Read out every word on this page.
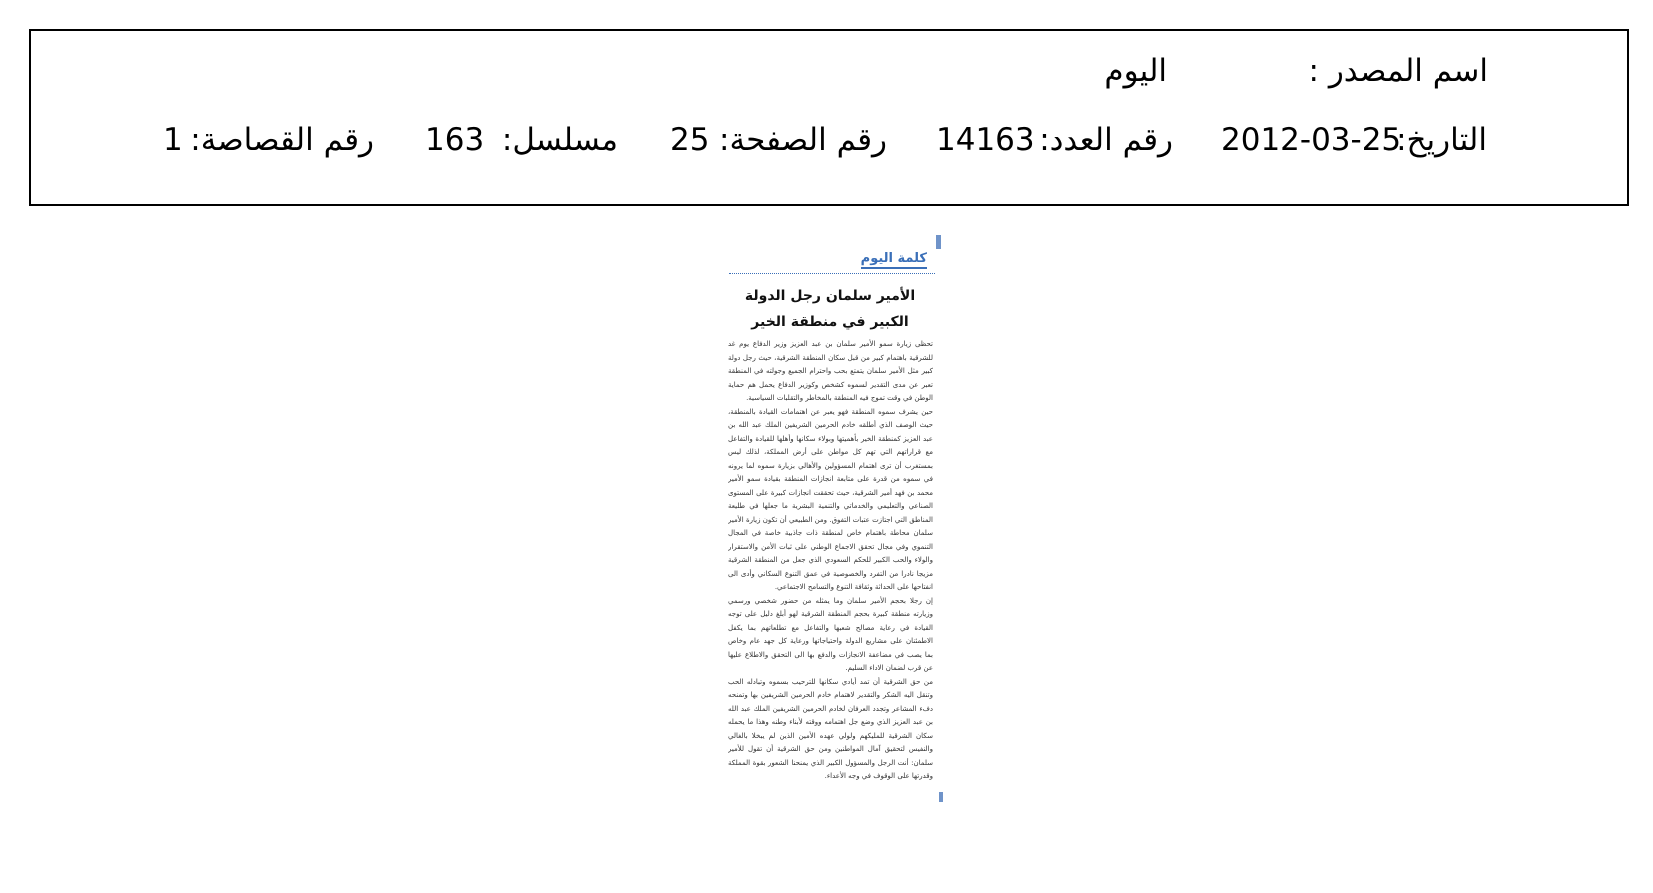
اسم المصدر :
اليوم
التاريخ:
2012-03-25
رقم العدد:
14163
رقم الصفحة:
25
مسلسل:
163
رقم القصاصة:
1
كلمة اليوم
الأمير سلمان رجل الدولة
الكبير في منطقة الخير

تحظى زيارة سمو الأمير سلمان بن عبد العزيز وزير الدفاع يوم غد للشرقية باهتمام كبير من قبل سكان المنطقة الشرقية، حيث رجل دولة كبير مثل الأمير سلمان يتمتع بحب واحترام الجميع وجولته في المنطقة تعبر عن مدى التقدير لسموه كشخص وكوزير الدفاع يحمل هم حماية الوطن في وقت تموج فيه المنطقة بالمخاطر والتقلبات السياسية.

حين يشرف سموه المنطقة فهو يعبر عن اهتمامات القيادة بالمنطقة، حيث الوصف الذي أطلقه خادم الحرمين الشريفين الملك عبد الله بن عبد العزيز كمنطقة الخير بأهميتها وبولاء سكانها وأهلها للقيادة والتفاعل مع قراراتهم التي تهم كل مواطن على أرض المملكة، لذلك ليس بمستغرب أن ترى اهتمام المسؤولين والأهالي بزيارة سموه لما يرونه في سموه من قدرة على متابعة انجازات المنطقة بقيادة سمو الأمير محمد بن فهد أمير الشرقية، حيث تحققت انجازات كبيرة على المستوى الصناعي والتعليمي والخدماتي والتنمية البشرية ما جعلها في طليعة المناطق التي اجتازت عتبات التفوق. ومن الطبيعي أن تكون زيارة الأمير سلمان محاطة باهتمام خاص لمنطقة ذات جاذبية خاصة في المجال التنموي وفي مجال تحقق الاجماع الوطني على ثبات الأمن والاستقرار والولاء والحب الكبير للحكم السعودي الذي جعل من المنطقة الشرقية مزيجا نادرا من التفرد والخصوصية في عمق التنوع السكاني وأدى الى انفتاحها على الحداثة وثقافة التنوع والتسامح الاجتماعي.

إن رجلا بحجم الأمير سلمان وما يمثله من حضور شخصي ورسمي وزيارته منطقة كبيرة بحجم المنطقة الشرقية لهو أبلغ دليل على توجه القيادة في رعاية مصالح شعبها والتفاعل مع تطلعاتهم بما يكفل الاطمئنان على مشاريع الدولة واحتياجاتها ورعاية كل جهد عام وخاص بما يصب في مضاعفة الانجازات والدفع بها الى التحقق والاطلاع عليها عن قرب لضمان الاداء السليم.

من حق الشرقية أن تمد أيادي سكانها للترحيب بسموه وتبادله الحب وتنقل اليه الشكر والتقدير لاهتمام خادم الحرمين الشريفين بها وتمنحه دفء المشاعر وتجدد العرفان لخادم الحرمين الشريفين الملك عبد الله بن عبد العزيز الذي وضع جل اهتمامه ووقته لأبناء وطنه وهذا ما يحمله سكان الشرقية للمليكهم ولولي عهده الأمين الذين لم يبخلا بالغالي والنفيس لتحقيق آمال المواطنين ومن حق الشرقية أن تقول للأمير سلمان: أنت الرجل والمسؤول الكبير الذي يمنحنا الشعور بقوة المملكة وقدرتها على الوقوف في وجه الأعداء.
